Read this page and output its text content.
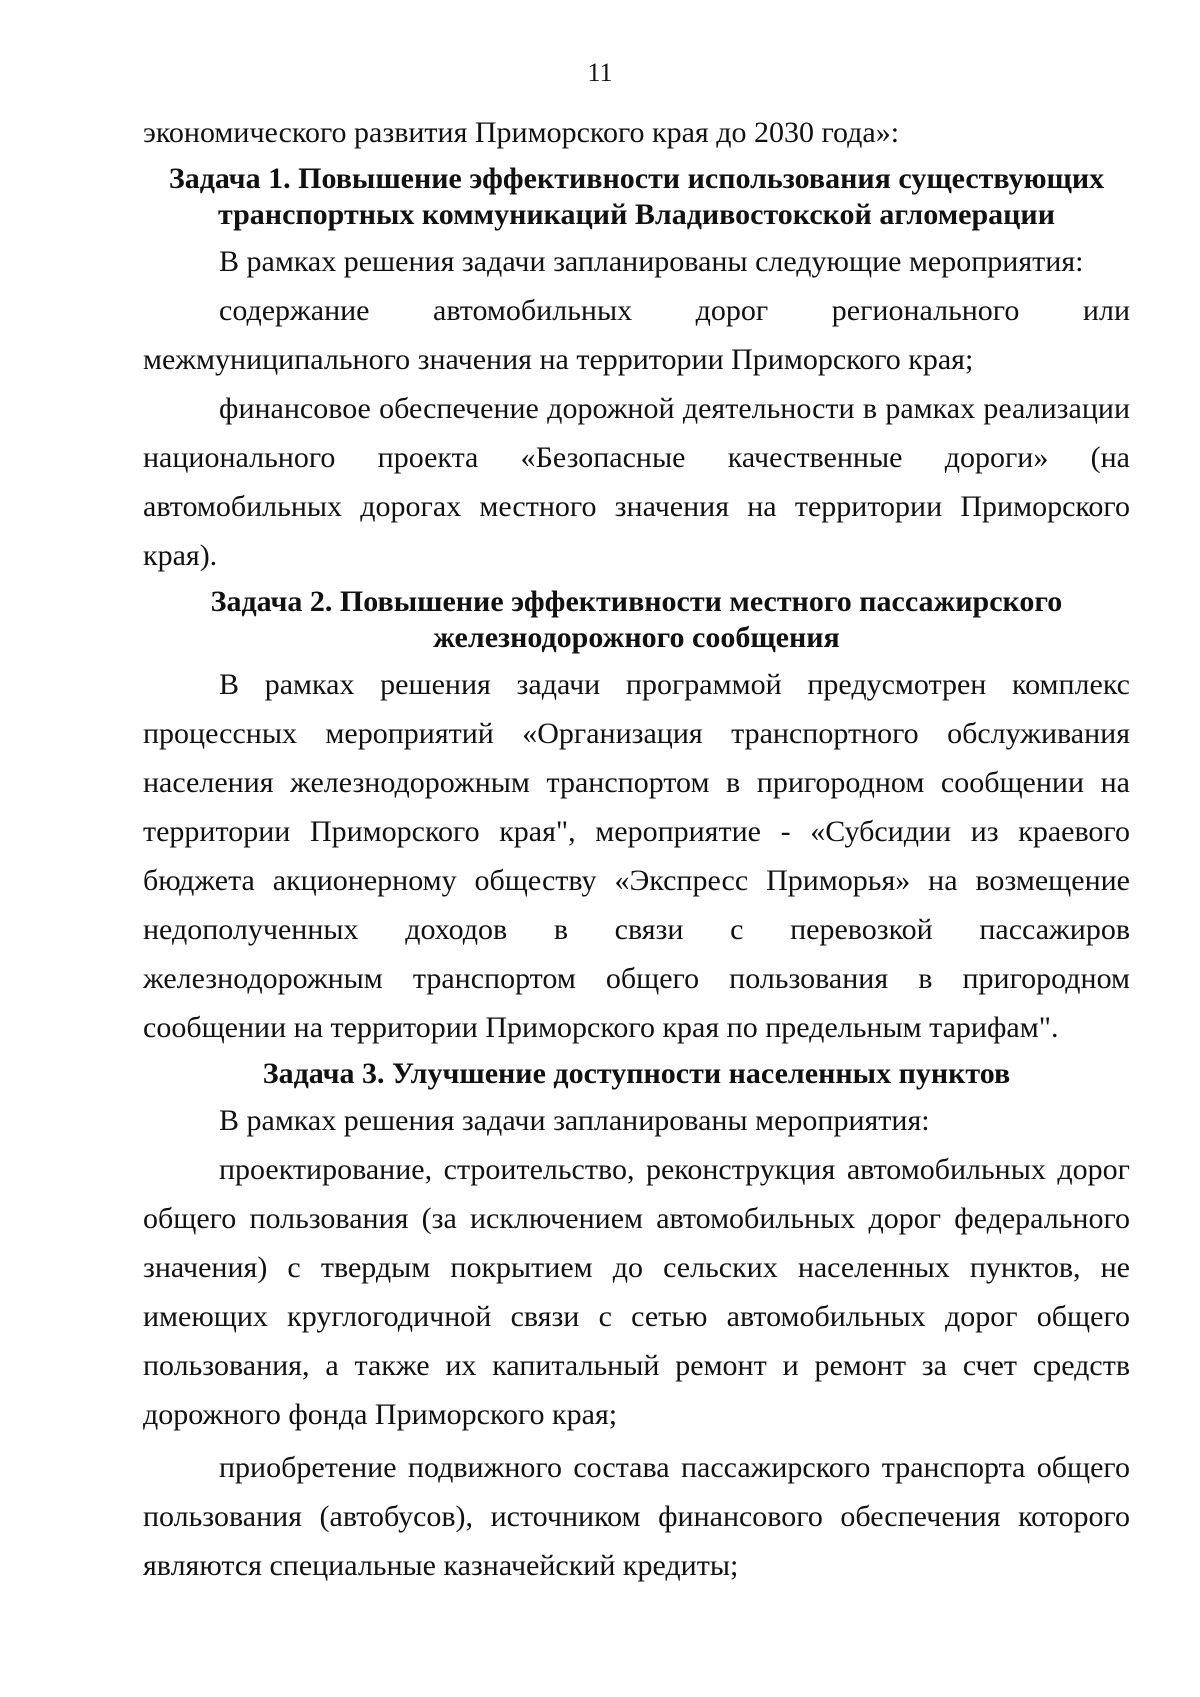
11

экономического развития Приморского края до 2030 года»:

Задача 1. Повышение эффективности использования существующих
транспортных коммуникаций Владивостокской агломерации

В рамках решения задачи запланированы следующие мероприятия:

содержание автомобильных дорог регионального или межмуниципального значения на территории Приморского края;

финансовое обеспечение дорожной деятельности в рамках реализации национального проекта «Безопасные качественные дороги» (на автомобильных дорогах местного значения на территории Приморского края).

Задача 2. Повышение эффективности местного пассажирского
железнодорожного сообщения

В рамках решения задачи программой предусмотрен комплекс процессных мероприятий «Организация транспортного обслуживания населения железнодорожным транспортом в пригородном сообщении на территории Приморского края", мероприятие - «Субсидии из краевого бюджета акционерному обществу «Экспресс Приморья» на возмещение недополученных доходов в связи с перевозкой пассажиров железнодорожным транспортом общего пользования в пригородном сообщении на территории Приморского края по предельным тарифам".

Задача 3. Улучшение доступности населенных пунктов

В рамках решения задачи запланированы мероприятия:

проектирование, строительство, реконструкция автомобильных дорог общего пользования (за исключением автомобильных дорог федерального значения) с твердым покрытием до сельских населенных пунктов, не имеющих круглогодичной связи с сетью автомобильных дорог общего пользования, а также их капитальный ремонт и ремонт за счет средств дорожного фонда Приморского края;

приобретение подвижного состава пассажирского транспорта общего пользования (автобусов), источником финансового обеспечения которого являются специальные казначейский кредиты;
